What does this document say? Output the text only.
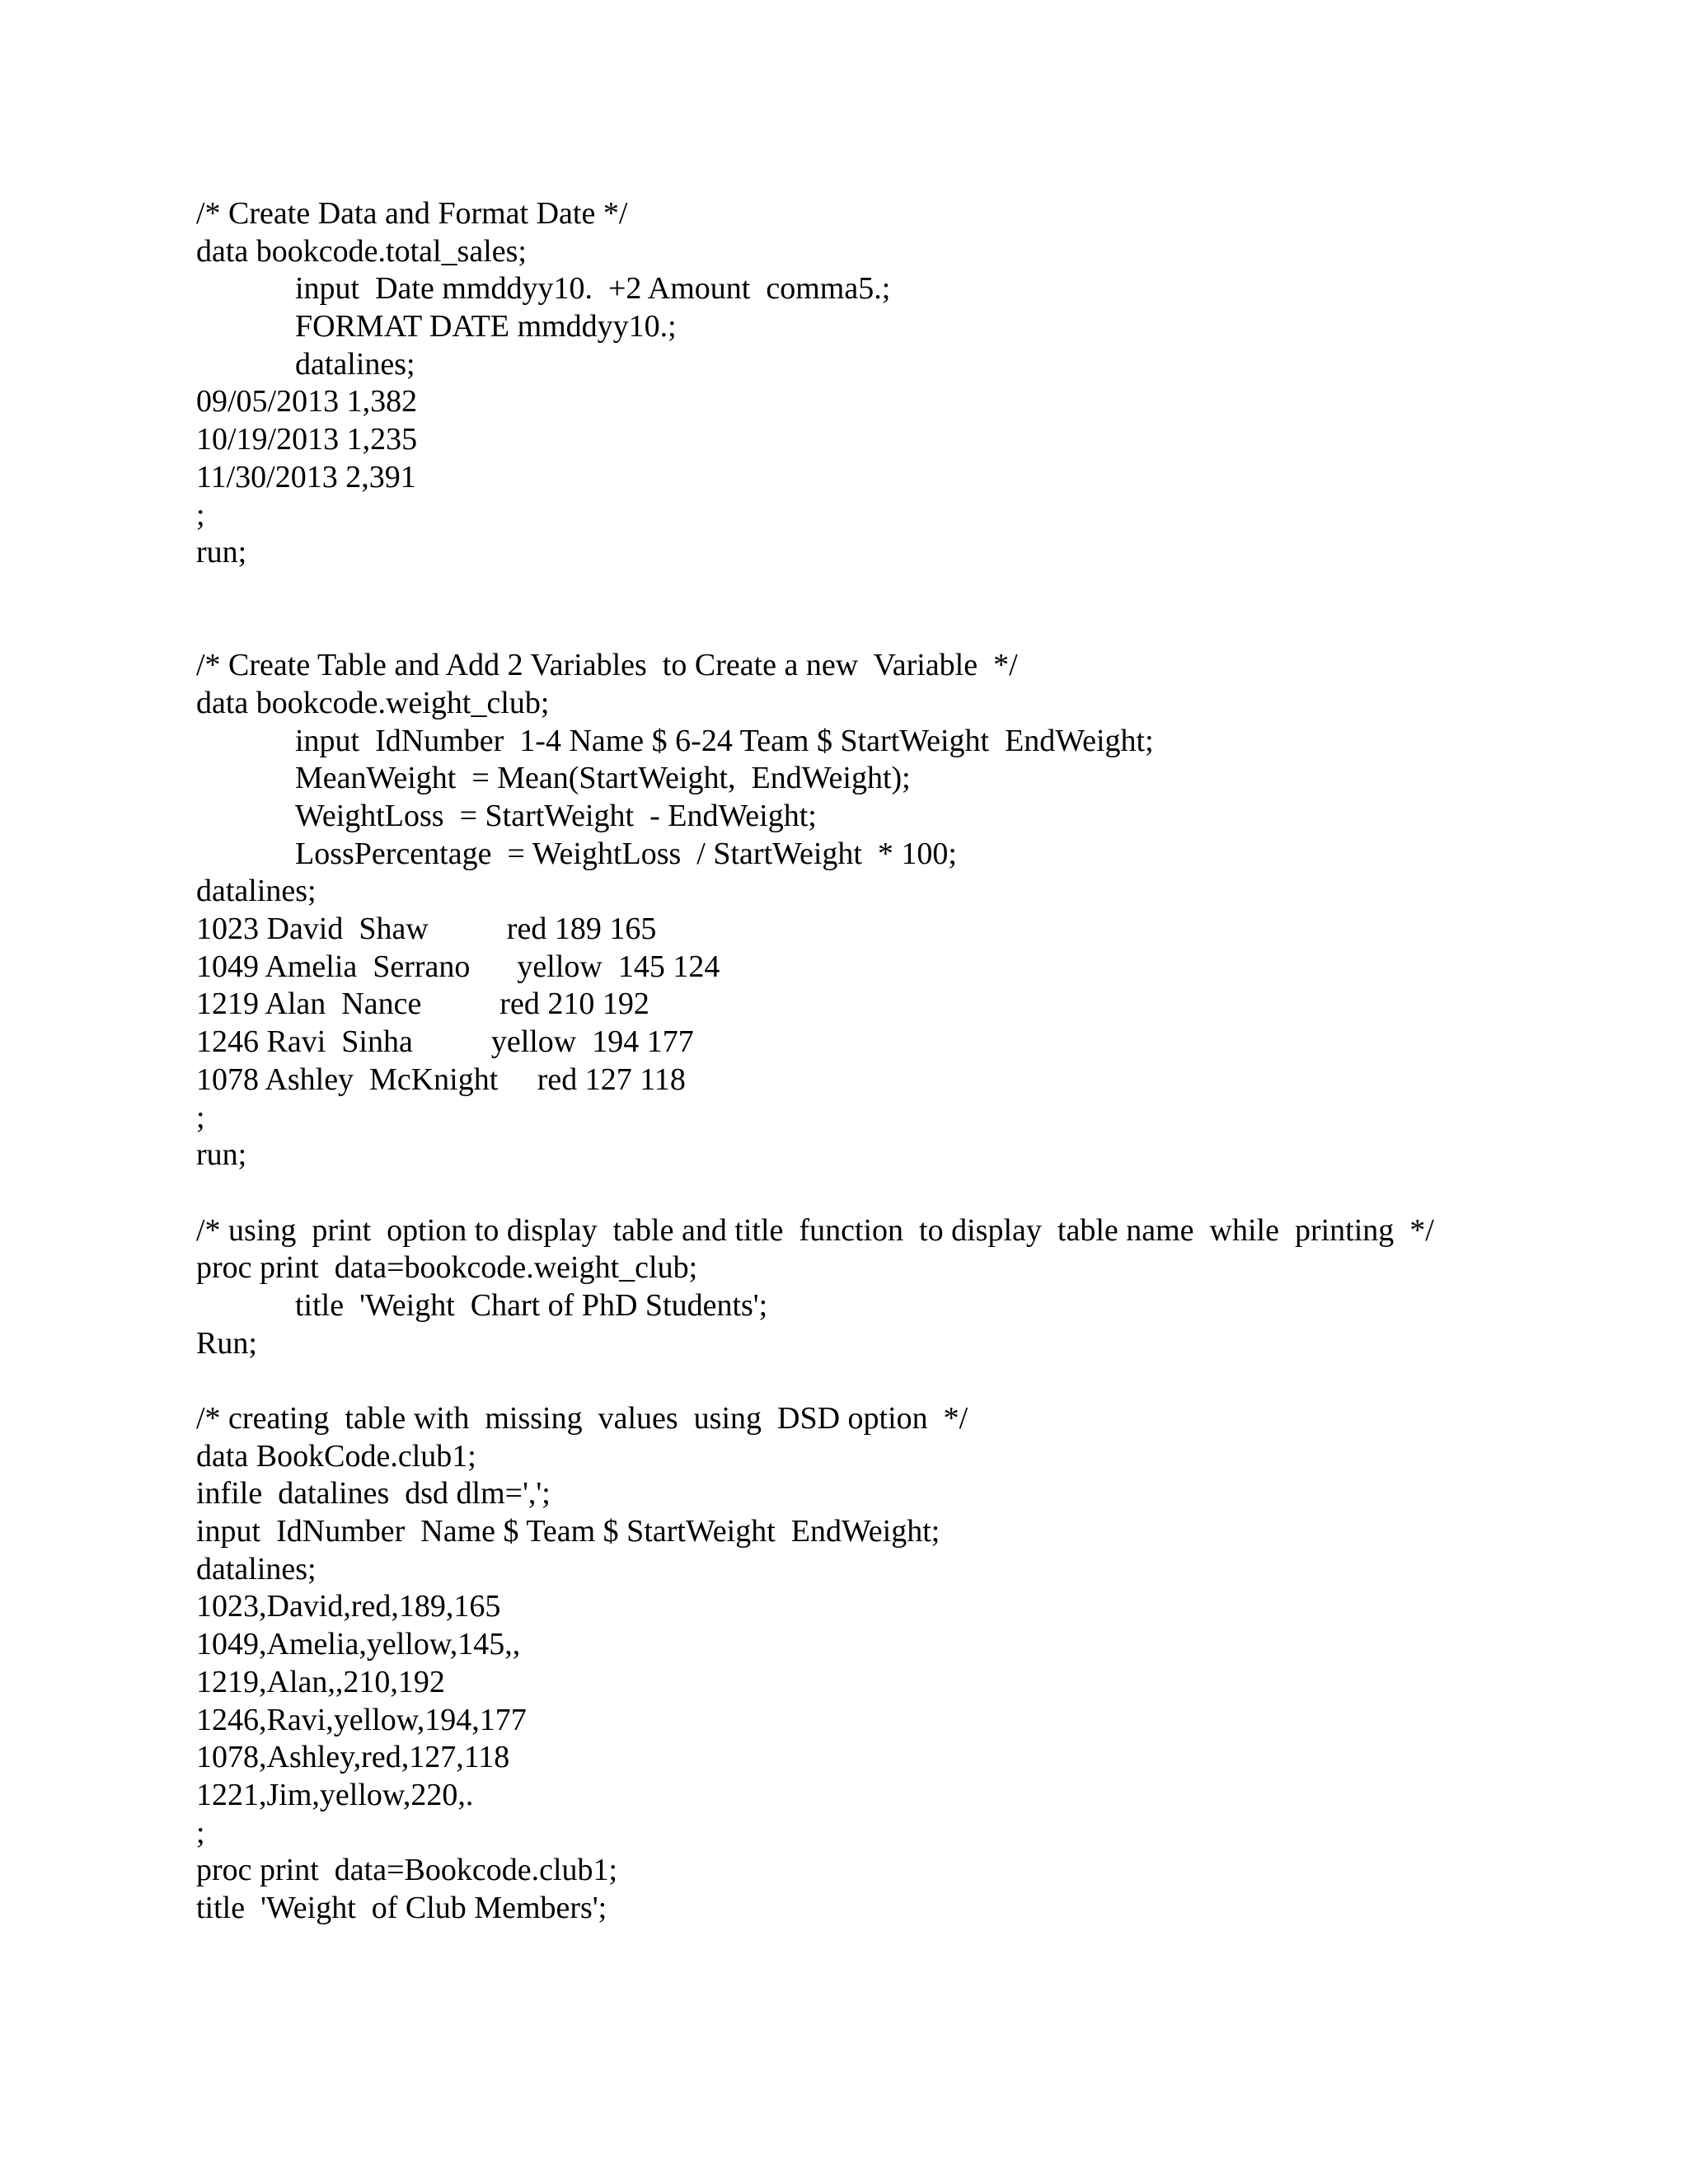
/* Create Data and Format Date */
data bookcode.total_sales;
input  Date mmddyy10.  +2 Amount  comma5.;
FORMAT DATE mmddyy10.;
datalines;
09/05/2013 1,382
10/19/2013 1,235
11/30/2013 2,391
;
run;
/* Create Table and Add 2 Variables  to Create a new  Variable  */
data bookcode.weight_club;
input  IdNumber  1-4 Name $ 6-24 Team $ StartWeight  EndWeight;
MeanWeight  = Mean(StartWeight,  EndWeight);
WeightLoss  = StartWeight  - EndWeight;
LossPercentage  = WeightLoss  / StartWeight  * 100;
datalines;
1023 David  Shaw          red 189 165
1049 Amelia  Serrano      yellow  145 124
1219 Alan  Nance          red 210 192
1246 Ravi  Sinha          yellow  194 177
1078 Ashley  McKnight     red 127 118
;
run;
/* using  print  option to display  table and title  function  to display  table name  while  printing  */
proc print  data=bookcode.weight_club;
title  'Weight  Chart of PhD Students';
Run;
/* creating  table with  missing  values  using  DSD option  */
data BookCode.club1;
infile  datalines  dsd dlm=',';
input  IdNumber  Name $ Team $ StartWeight  EndWeight;
datalines;
1023,David,red,189,165
1049,Amelia,yellow,145,,
1219,Alan,,210,192
1246,Ravi,yellow,194,177
1078,Ashley,red,127,118
1221,Jim,yellow,220,.
;
proc print  data=Bookcode.club1;
title  'Weight  of Club Members';
